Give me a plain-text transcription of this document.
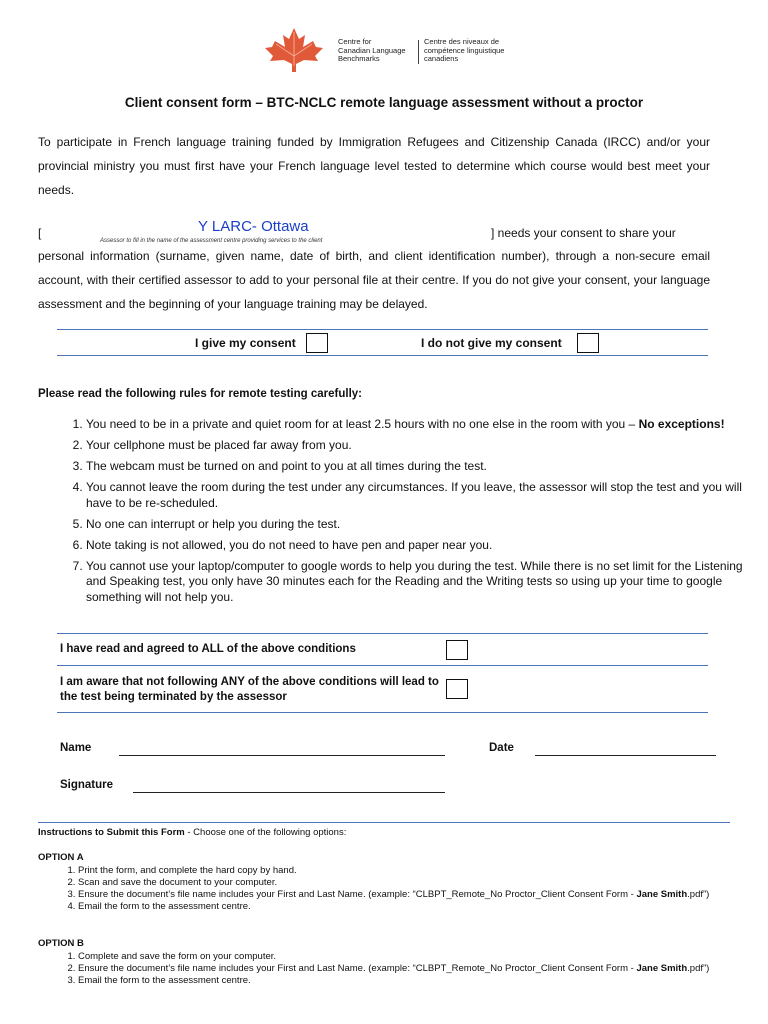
Centre for
Canadian Language
Benchmarks
Centre des niveaux de
compétence linguistique
canadiens
Client consent form – BTC-NCLC remote language assessment without a proctor
To participate in French language training funded by Immigration Refugees and Citizenship Canada (IRCC) and/or your provincial ministry you must first have your French language level tested to determine which course would best meet your needs.
[	Y LARC- Ottawa
Assessor to fill in the name of the assessment centre providing services to the client
] needs your consent to share your
personal information (surname, given name, date of birth, and client identification number), through a non-secure email account, with their certified assessor to add to your personal file at their centre. If you do not give your consent, your language assessment and the beginning of your language training may be delayed.
I give my consent	I do not give my consent
Please read the following rules for remote testing carefully:
1. You need to be in a private and quiet room for at least 2.5 hours with no one else in the room with you – No exceptions!
2. Your cellphone must be placed far away from you.
3. The webcam must be turned on and point to you at all times during the test.
4. You cannot leave the room during the test under any circumstances. If you leave, the assessor will stop the test and you will have to be re-scheduled.
5. No one can interrupt or help you during the test.
6. Note taking is not allowed, you do not need to have pen and paper near you.
7. You cannot use your laptop/computer to google words to help you during the test. While there is no set limit for the Listening and Speaking test, you only have 30 minutes each for the Reading and the Writing tests so using up your time to google something will not help you.
I have read and agreed to ALL of the above conditions
I am aware that not following ANY of the above conditions will lead to the test being terminated by the assessor
Name	Date
Signature
Instructions to Submit this Form - Choose one of the following options:
OPTION A
1. Print the form, and complete the hard copy by hand.
2. Scan and save the document to your computer.
3. Ensure the document’s file name includes your First and Last Name. (example: “CLBPT_Remote_No Proctor_Client Consent Form - Jane Smith.pdf”)
4. Email the form to the assessment centre.
OPTION B
1. Complete and save the form on your computer.
2. Ensure the document’s file name includes your First and Last Name. (example: “CLBPT_Remote_No Proctor_Client Consent Form - Jane Smith.pdf”)
3. Email the form to the assessment centre.
